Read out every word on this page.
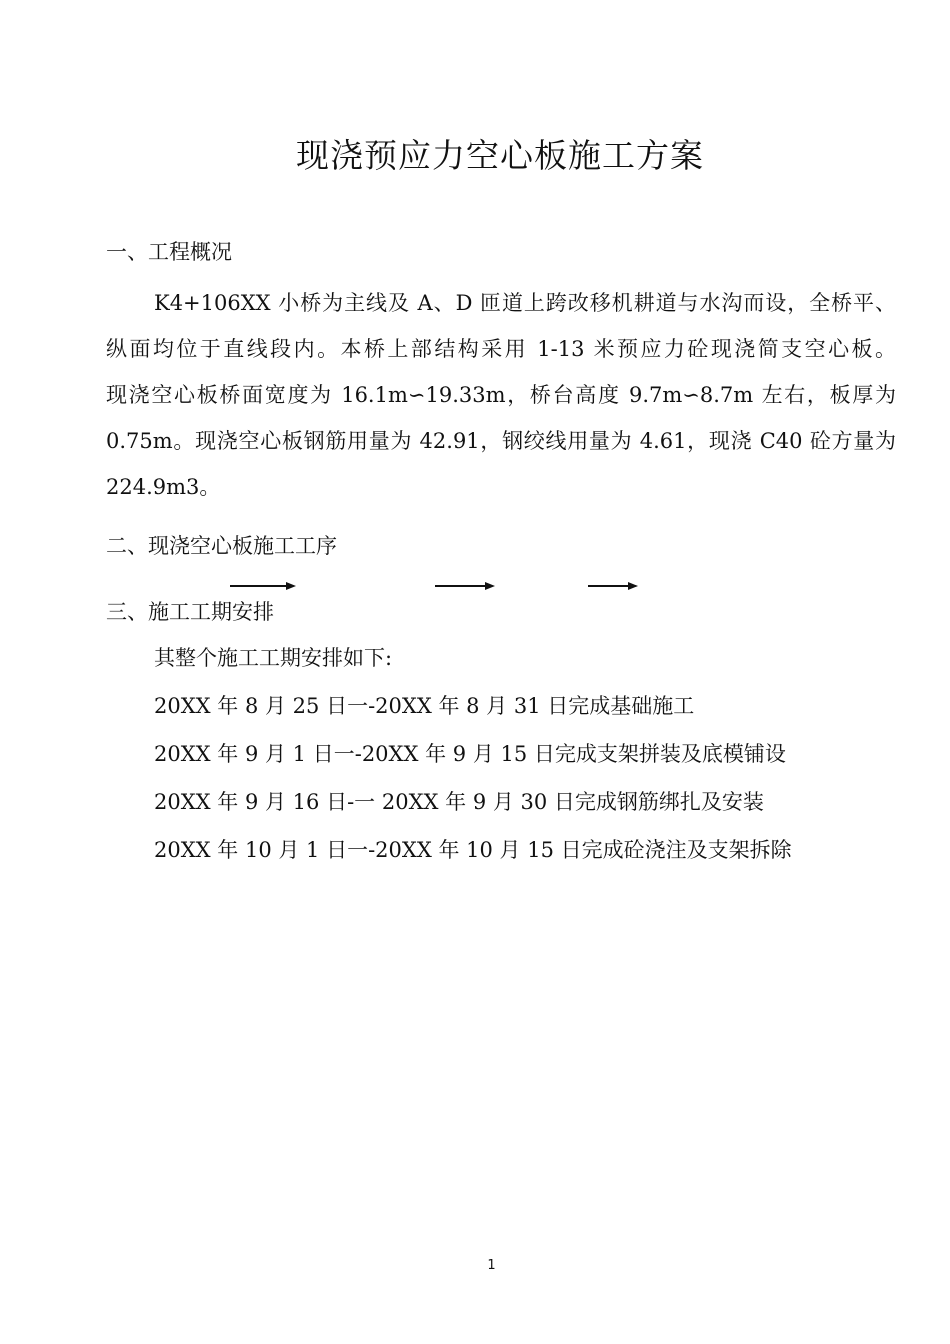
现浇预应力空心板施工方案
一、工程概况
K4+106XX 小桥为主线及 A、D 匝道上跨改移机耕道与水沟而设，全桥平、
纵面均位于直线段内。本桥上部结构采用 1-13 米预应力砼现浇简支空心板。
现浇空心板桥面宽度为 16.1m∽19.33m，桥台高度 9.7m∽8.7m 左右，板厚为
0.75m。现浇空心板钢筋用量为 42.91，钢绞线用量为 4.61，现浇 C40 砼方量为
224.9m3。
二、现浇空心板施工工序
三、施工工期安排
其整个施工工期安排如下:
20XX 年 8 月 25 日一-20XX 年 8 月 31 日完成基础施工
20XX 年 9 月 1 日一-20XX 年 9 月 15 日完成支架拼装及底模铺设
20XX 年 9 月 16 日-一 20XX 年 9 月 30 日完成钢筋绑扎及安装
20XX 年 10 月 1 日一-20XX 年 10 月 15 日完成砼浇注及支架拆除
1
